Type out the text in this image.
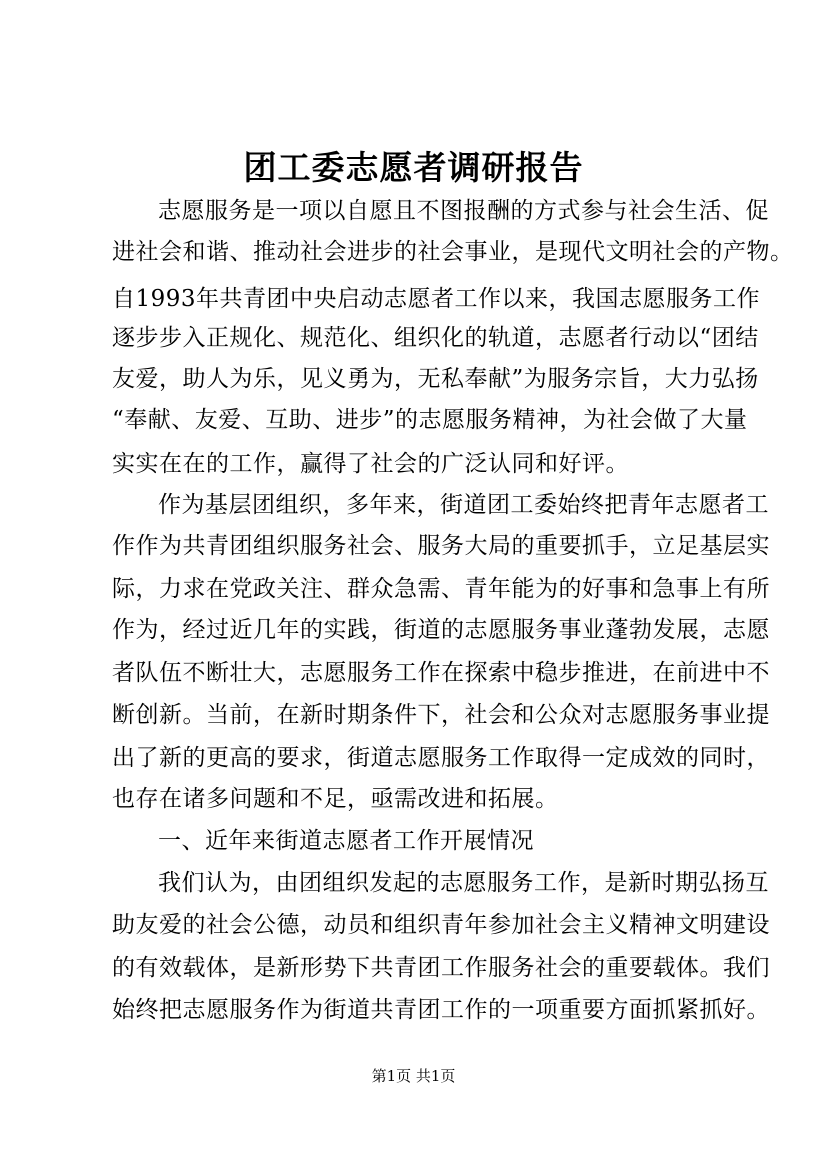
团工委志愿者调研报告
志愿服务是一项以自愿且不图报酬的方式参与社会生活、促
进社会和谐、推动社会进步的社会事业，是现代文明社会的产物。
自1993年共青团中央启动志愿者工作以来，我国志愿服务工作
逐步步入正规化、规范化、组织化的轨道，志愿者行动以“团结
友爱，助人为乐，见义勇为，无私奉献”为服务宗旨，大力弘扬
“奉献、友爱、互助、进步”的志愿服务精神，为社会做了大量
实实在在的工作，赢得了社会的广泛认同和好评。
作为基层团组织，多年来，街道团工委始终把青年志愿者工
作作为共青团组织服务社会、服务大局的重要抓手，立足基层实
际，力求在党政关注、群众急需、青年能为的好事和急事上有所
作为，经过近几年的实践，街道的志愿服务事业蓬勃发展，志愿
者队伍不断壮大，志愿服务工作在探索中稳步推进，在前进中不
断创新。当前，在新时期条件下，社会和公众对志愿服务事业提
出了新的更高的要求，街道志愿服务工作取得一定成效的同时，
也存在诸多问题和不足，亟需改进和拓展。
一、近年来街道志愿者工作开展情况
我们认为，由团组织发起的志愿服务工作，是新时期弘扬互
助友爱的社会公德，动员和组织青年参加社会主义精神文明建设
的有效载体，是新形势下共青团工作服务社会的重要载体。我们
始终把志愿服务作为街道共青团工作的一项重要方面抓紧抓好。
第1页 共1页
